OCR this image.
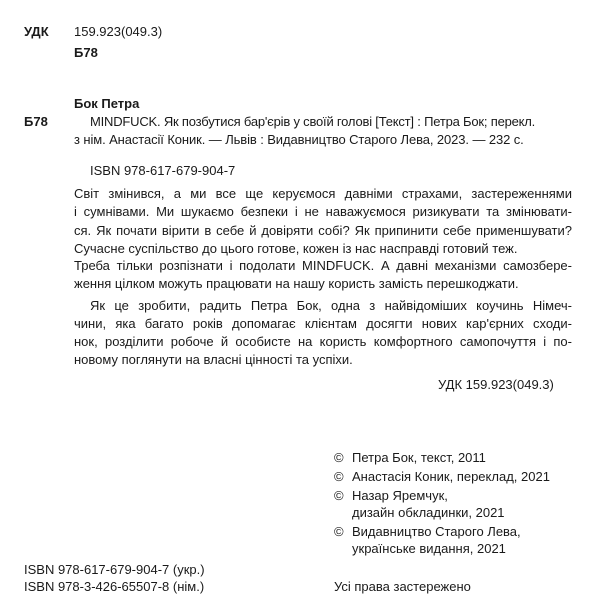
УДК 159.923(049.3)
Б78
Бок Петра
Б78	MINDFUCK. Як позбутися бар'єрів у своїй голові [Текст] : Петра Бок; перекл.
з нім. Анастасії Коник. — Львів : Видавництво Старого Лева, 2023. — 232 с.
ISBN 978-617-679-904-7
Світ змінився, а ми все ще керуємося давніми страхами, застереженнями
і сумнівами. Ми шукаємо безпеки і не наважуємося ризикувати та змінювати-
ся. Як почати вірити в себе й довіряти собі? Як припинити себе применшувати? Сучасне суспільство до цього готове, кожен із нас насправді готовий теж.
Треба тільки розпізнати і подолати MINDFUCK. А давні механізми самозбере-
ження цілком можуть працювати на нашу користь замість перешкоджати.
Як це зробити, радить Петра Бок, одна з найвідоміших коучинь Німеч-
чини, яка багато років допомагає клієнтам досягти нових кар'єрних сходи-
нок, розділити робоче й особисте на користь комфортного самопочуття і по-
новому поглянути на власні цінності та успіхи.
УДК 159.923(049.3)
© Петра Бок, текст, 2011
© Анастасія Коник, переклад, 2021
© Назар Яремчук,
дизайн обкладинки, 2021
© Видавництво Старого Лева,
українське видання, 2021
ISBN 978-617-679-904-7 (укр.)
ISBN 978-3-426-65507-8 (нім.)	Усі права застережено
